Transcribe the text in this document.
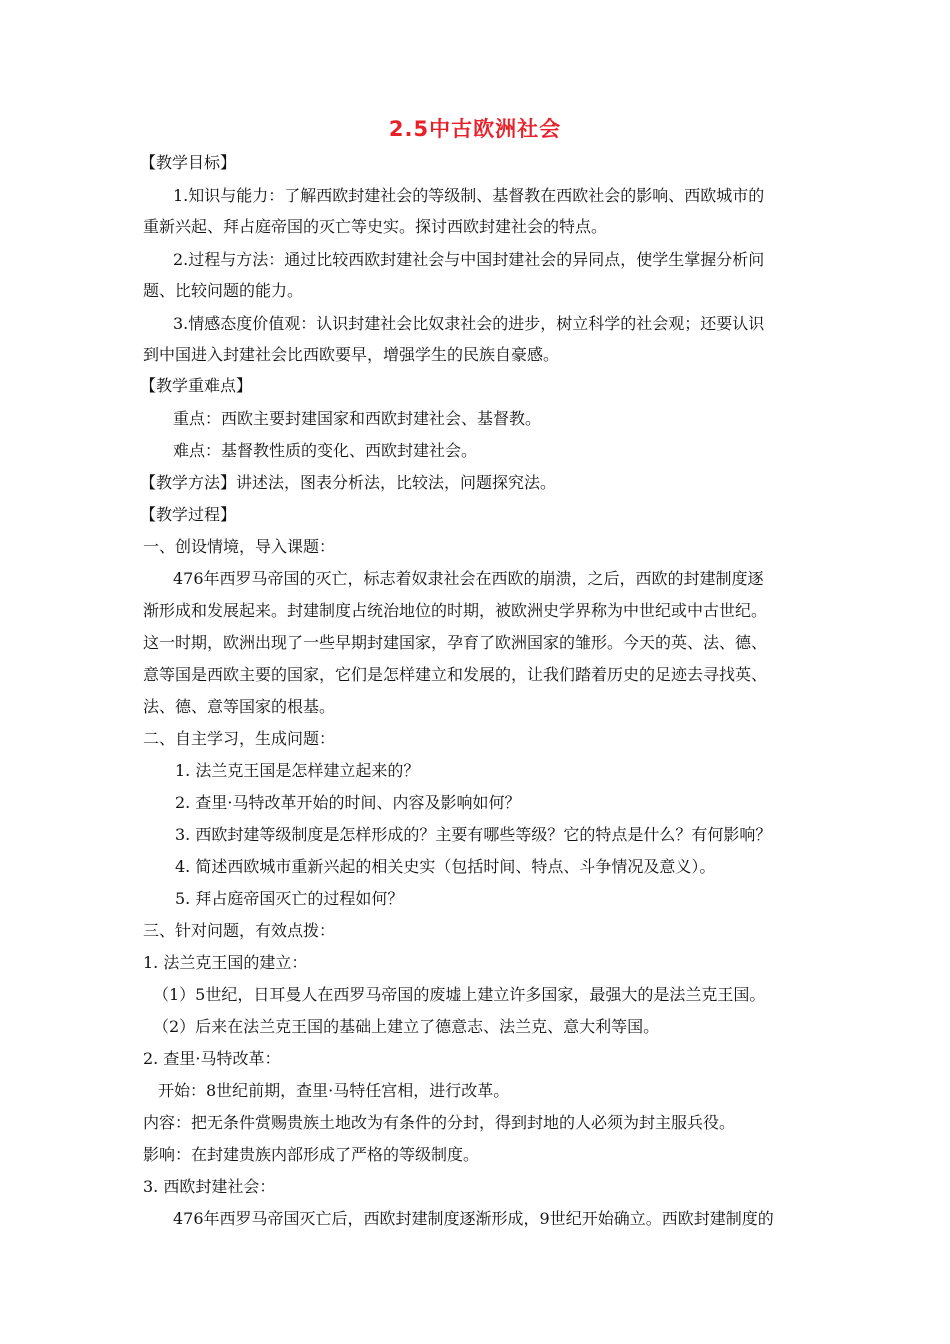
2.5中古欧洲社会
【教学目标】
1.知识与能力：了解西欧封建社会的等级制、基督教在西欧社会的影响、西欧城市的
重新兴起、拜占庭帝国的灭亡等史实。探讨西欧封建社会的特点。
2.过程与方法：通过比较西欧封建社会与中国封建社会的异同点，使学生掌握分析问
题、比较问题的能力。
3.情感态度价值观：认识封建社会比奴隶社会的进步，树立科学的社会观；还要认识
到中国进入封建社会比西欧要早，增强学生的民族自豪感。
【教学重难点】
重点：西欧主要封建国家和西欧封建社会、基督教。
难点：基督教性质的变化、西欧封建社会。
【教学方法】讲述法，图表分析法，比较法，问题探究法。
【教学过程】
一、创设情境，导入课题：
476年西罗马帝国的灭亡，标志着奴隶社会在西欧的崩溃，之后，西欧的封建制度逐
渐形成和发展起来。封建制度占统治地位的时期，被欧洲史学界称为中世纪或中古世纪。
这一时期，欧洲出现了一些早期封建国家，孕育了欧洲国家的雏形。今天的英、法、德、
意等国是西欧主要的国家，它们是怎样建立和发展的，让我们踏着历史的足迹去寻找英、
法、德、意等国家的根基。
二、自主学习，生成问题：
1. 法兰克王国是怎样建立起来的？
2. 查里·马特改革开始的时间、内容及影响如何？
3. 西欧封建等级制度是怎样形成的？主要有哪些等级？它的特点是什么？有何影响？
4. 简述西欧城市重新兴起的相关史实（包括时间、特点、斗争情况及意义）。
5. 拜占庭帝国灭亡的过程如何？
三、针对问题，有效点拨：
1. 法兰克王国的建立：
（1）5世纪，日耳曼人在西罗马帝国的废墟上建立许多国家，最强大的是法兰克王国。
（2）后来在法兰克王国的基础上建立了德意志、法兰克、意大利等国。
2. 查里·马特改革：
开始：8世纪前期，查里·马特任宫相，进行改革。
内容：把无条件赏赐贵族土地改为有条件的分封，得到封地的人必须为封主服兵役。
影响：在封建贵族内部形成了严格的等级制度。
3. 西欧封建社会：
476年西罗马帝国灭亡后，西欧封建制度逐渐形成，9世纪开始确立。西欧封建制度的
